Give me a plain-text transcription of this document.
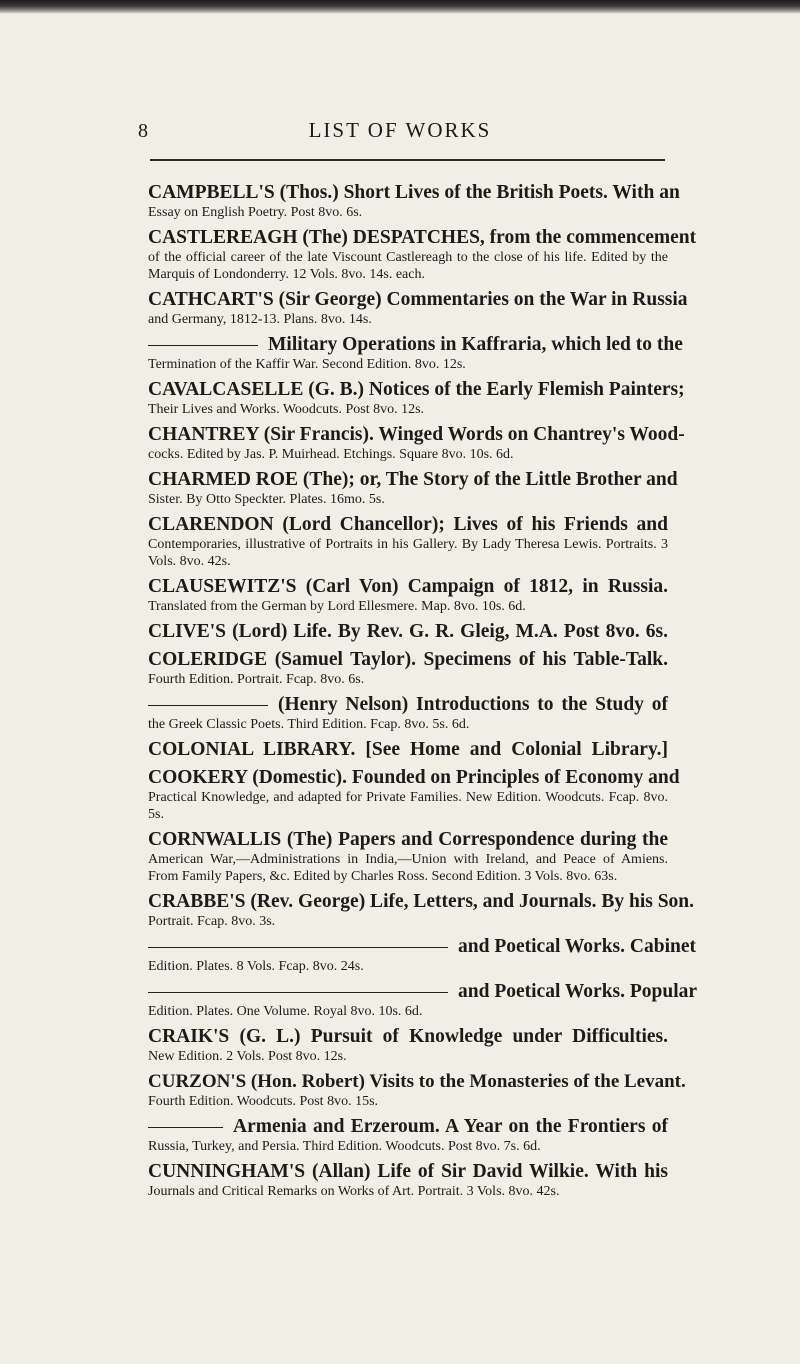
8	LIST OF WORKS
CAMPBELL'S (Thos.) Short Lives of the British Poets. With an
Essay on English Poetry. Post 8vo. 6s.
CASTLEREAGH (The) DESPATCHES, from the commencement
of the official career of the late Viscount Castlereagh to the close of his life. Edited by the Marquis of Londonderry. 12 Vols. 8vo. 14s. each.
CATHCART'S (Sir George) Commentaries on the War in Russia
and Germany, 1812-13. Plans. 8vo. 14s.
Military Operations in Kaffraria, which led to the
Termination of the Kaffir War. Second Edition. 8vo. 12s.
CAVALCASELLE (G. B.) Notices of the Early Flemish Painters;
Their Lives and Works. Woodcuts. Post 8vo. 12s.
CHANTREY (Sir Francis). Winged Words on Chantrey's Wood-
cocks. Edited by Jas. P. Muirhead. Etchings. Square 8vo. 10s. 6d.
CHARMED ROE (The); or, The Story of the Little Brother and
Sister. By Otto Speckter. Plates. 16mo. 5s.
CLARENDON (Lord Chancellor); Lives of his Friends and
Contemporaries, illustrative of Portraits in his Gallery. By Lady Theresa Lewis. Portraits. 3 Vols. 8vo. 42s.
CLAUSEWITZ'S (Carl Von) Campaign of 1812, in Russia.
Translated from the German by Lord Ellesmere. Map. 8vo. 10s. 6d.
CLIVE'S (Lord) Life. By Rev. G. R. Gleig, M.A. Post 8vo. 6s.
COLERIDGE (Samuel Taylor). Specimens of his Table-Talk.
Fourth Edition. Portrait. Fcap. 8vo. 6s.
(Henry Nelson) Introductions to the Study of
the Greek Classic Poets. Third Edition. Fcap. 8vo. 5s. 6d.
COLONIAL LIBRARY. [See Home and Colonial Library.]
COOKERY (Domestic). Founded on Principles of Economy and
Practical Knowledge, and adapted for Private Families. New Edition. Woodcuts. Fcap. 8vo. 5s.
CORNWALLIS (The) Papers and Correspondence during the
American War,—Administrations in India,—Union with Ireland, and Peace of Amiens. From Family Papers, &c. Edited by Charles Ross. Second Edition. 3 Vols. 8vo. 63s.
CRABBE'S (Rev. George) Life, Letters, and Journals. By his Son.
Portrait. Fcap. 8vo. 3s.
and Poetical Works. Cabinet
Edition. Plates. 8 Vols. Fcap. 8vo. 24s.
and Poetical Works. Popular
Edition. Plates. One Volume. Royal 8vo. 10s. 6d.
CRAIK'S (G. L.) Pursuit of Knowledge under Difficulties.
New Edition. 2 Vols. Post 8vo. 12s.
CURZON'S (Hon. Robert) Visits to the Monasteries of the Levant.
Fourth Edition. Woodcuts. Post 8vo. 15s.
Armenia and Erzeroum. A Year on the Frontiers of
Russia, Turkey, and Persia. Third Edition. Woodcuts. Post 8vo. 7s. 6d.
CUNNINGHAM'S (Allan) Life of Sir David Wilkie. With his
Journals and Critical Remarks on Works of Art. Portrait. 3 Vols. 8vo. 42s.
